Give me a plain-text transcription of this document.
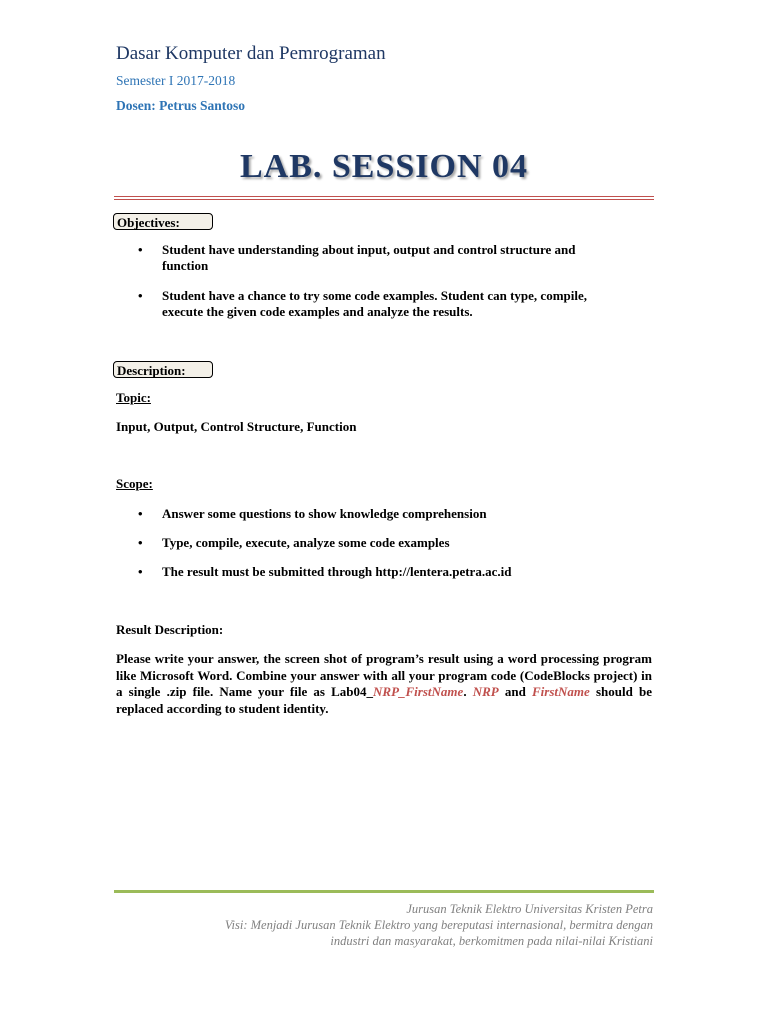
Dasar Komputer dan Pemrograman
Semester I 2017-2018
Dosen: Petrus Santoso
LAB. SESSION 04
Objectives:
• Student have understanding about input, output and control structure and function
• Student have a chance to try some code examples. Student can type, compile, execute the given code examples and analyze the results.
Description:
Topic:
Input, Output, Control Structure, Function
Scope:
• Answer some questions to show knowledge comprehension
• Type, compile, execute, analyze some code examples
• The result must be submitted through http://lentera.petra.ac.id
Result Description:
Please write your answer, the screen shot of program’s result using a word processing program like Microsoft Word. Combine your answer with all your program code (CodeBlocks project) in a single .zip file. Name your file as Lab04_NRP_FirstName. NRP and FirstName should be replaced according to student identity.
Jurusan Teknik Elektro Universitas Kristen Petra
Visi: Menjadi Jurusan Teknik Elektro yang bereputasi internasional, bermitra dengan
industri dan masyarakat, berkomitmen pada nilai-nilai Kristiani
